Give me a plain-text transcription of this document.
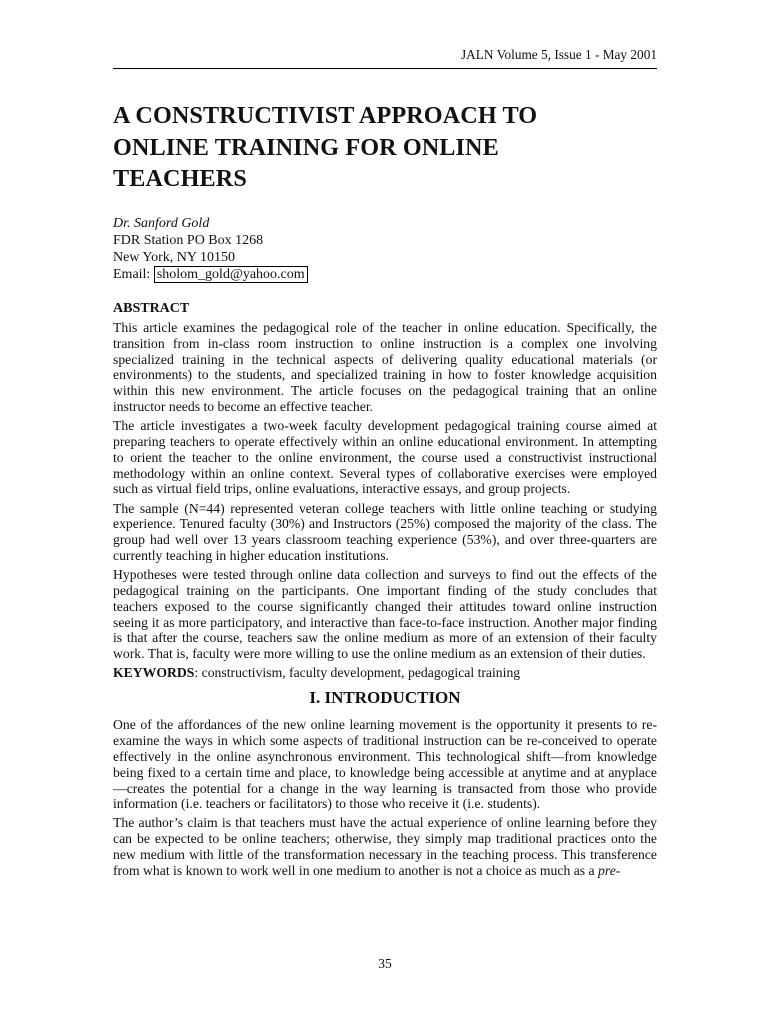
JALN Volume 5, Issue 1 - May 2001
A CONSTRUCTIVIST APPROACH TO
ONLINE TRAINING FOR ONLINE
TEACHERS
Dr. Sanford Gold
FDR Station PO Box 1268
New York, NY 10150
Email: sholom_gold@yahoo.com
ABSTRACT

This article examines the pedagogical role of the teacher in online education. Specifically, the transition from in-class room instruction to online instruction is a complex one involving specialized training in the technical aspects of delivering quality educational materials (or environments) to the students, and specialized training in how to foster knowledge acquisition within this new environment. The article focuses on the pedagogical training that an online instructor needs to become an effective teacher.

The article investigates a two-week faculty development pedagogical training course aimed at preparing teachers to operate effectively within an online educational environment. In attempting to orient the teacher to the online environment, the course used a constructivist instructional methodology within an online context. Several types of collaborative exercises were employed such as virtual field trips, online evaluations, interactive essays, and group projects.

The sample (N=44) represented veteran college teachers with little online teaching or studying experience. Tenured faculty (30%) and Instructors (25%) composed the majority of the class. The group had well over 13 years classroom teaching experience (53%), and over three-quarters are currently teaching in higher education institutions.

Hypotheses were tested through online data collection and surveys to find out the effects of the pedagogical training on the participants. One important finding of the study concludes that teachers exposed to the course significantly changed their attitudes toward online instruction seeing it as more participatory, and interactive than face-to-face instruction. Another major finding is that after the course, teachers saw the online medium as more of an extension of their faculty work. That is, faculty were more willing to use the online medium as an extension of their duties.

KEYWORDS: constructivism, faculty development, pedagogical training

I. INTRODUCTION

One of the affordances of the new online learning movement is the opportunity it presents to re-examine the ways in which some aspects of traditional instruction can be re-conceived to operate effectively in the online asynchronous environment. This technological shift—from knowledge being fixed to a certain time and place, to knowledge being accessible at anytime and at anyplace—creates the potential for a change in the way learning is transacted from those who provide information (i.e. teachers or facilitators) to those who receive it (i.e. students).

The author’s claim is that teachers must have the actual experience of online learning before they can be expected to be online teachers; otherwise, they simply map traditional practices onto the new medium with little of the transformation necessary in the teaching process. This transference from what is known to work well in one medium to another is not a choice as much as a pre-

35
